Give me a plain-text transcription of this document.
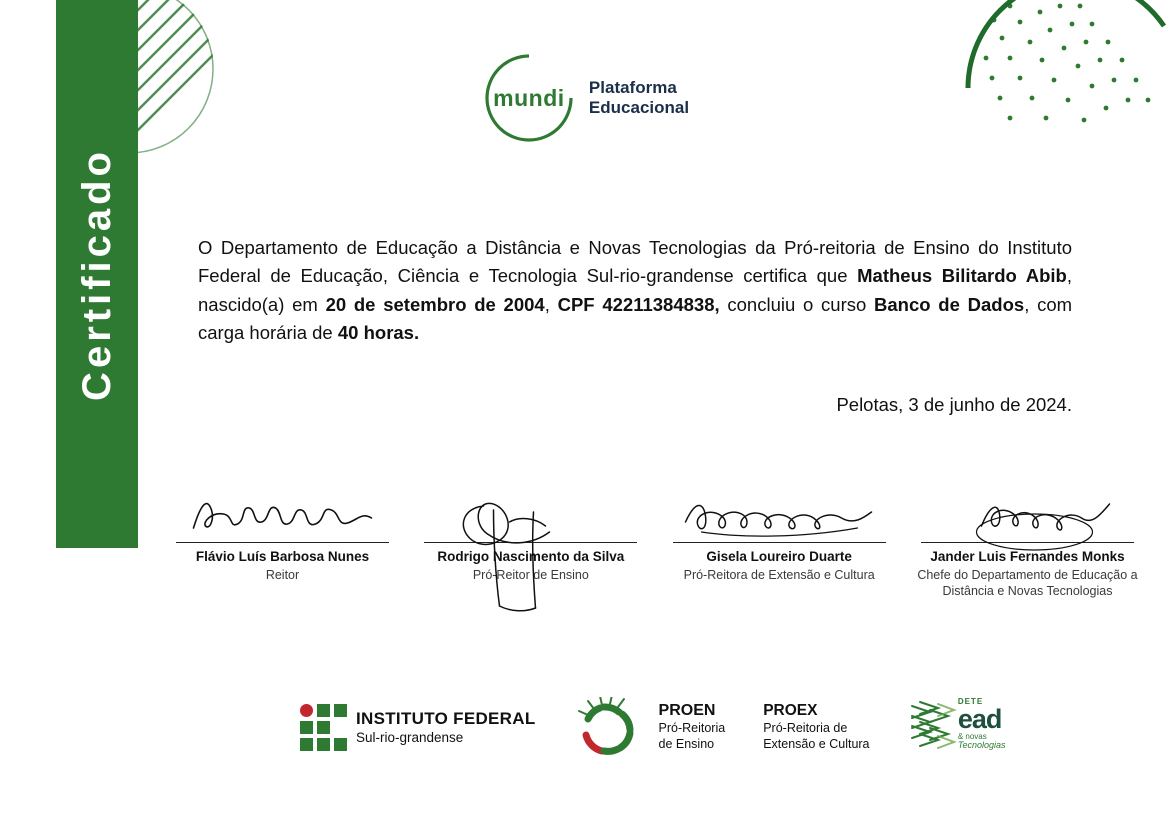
Certificado
mundi	Plataforma
Educacional
O Departamento de Educação a Distância e Novas Tecnologias da Pró-reitoria de Ensino do Instituto Federal de Educação, Ciência e Tecnologia Sul-rio-grandense certifica que Matheus Bilitardo Abib, nascido(a) em 20 de setembro de 2004, CPF 42211384838, concluiu o curso Banco de Dados, com carga horária de 40 horas.
Pelotas, 3 de junho de 2024.
Flávio Luís Barbosa Nunes
Reitor
Rodrigo Nascimento da Silva
Pró-Reitor de Ensino
Gisela Loureiro Duarte
Pró-Reitora de Extensão e Cultura
Jander Luis Fernandes Monks
Chefe do Departamento de Educação a Distância e Novas Tecnologias
INSTITUTO FEDERAL
Sul-rio-grandense
PROEN
Pró-Reitoria
de Ensino
PROEX
Pró-Reitoria de
Extensão e Cultura
DETE
ead
& novas
Tecnologias
